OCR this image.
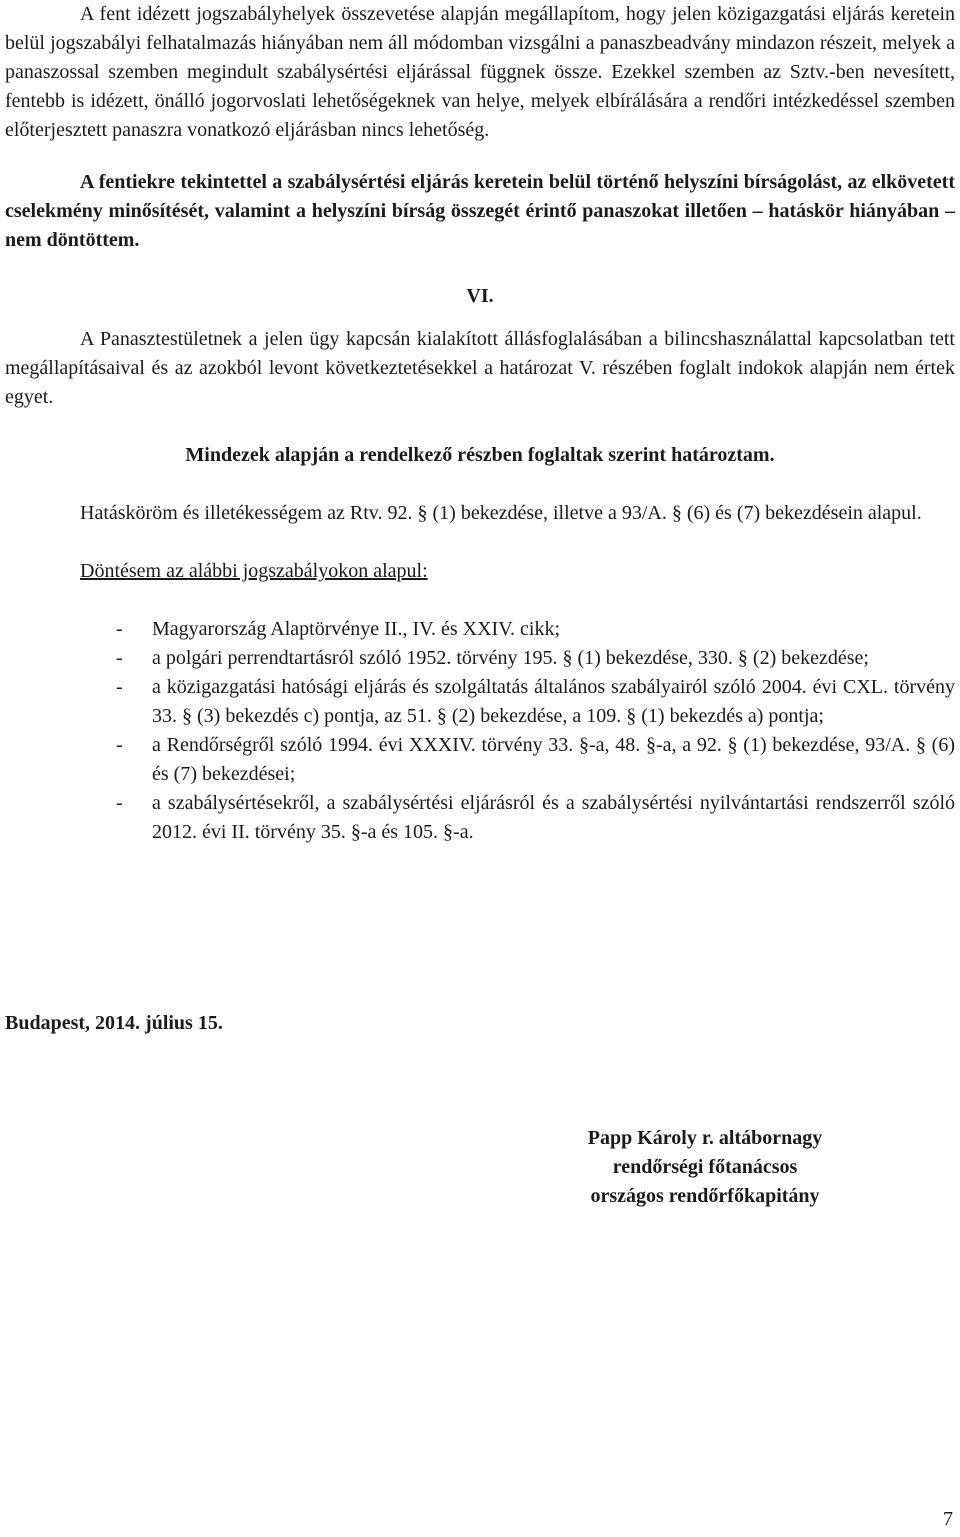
A fent idézett jogszabályhelyek összevetése alapján megállapítom, hogy jelen közigazgatási eljárás keretein belül jogszabályi felhatalmazás hiányában nem áll módomban vizsgálni a panaszbeadvány mindazon részeit, melyek a panaszossal szemben megindult szabálysértési eljárással függnek össze. Ezekkel szemben az Sztv.-ben nevesített, fentebb is idézett, önálló jogorvoslati lehetőségeknek van helye, melyek elbírálására a rendőri intézkedéssel szemben előterjesztett panaszra vonatkozó eljárásban nincs lehetőség.

A fentiekre tekintettel a szabálysértési eljárás keretein belül történő helyszíni bírságolást, az elkövetett cselekmény minősítését, valamint a helyszíni bírság összegét érintő panaszokat illetően – hatáskör hiányában – nem döntöttem.

VI.

A Panasztestületnek a jelen ügy kapcsán kialakított állásfoglalásában a bilincshasználattal kapcsolatban tett megállapításaival és az azokból levont következtetésekkel a határozat V. részében foglalt indokok alapján nem értek egyet.

Mindezek alapján a rendelkező részben foglaltak szerint határoztam.

Hatásköröm és illetékességem az Rtv. 92. § (1) bekezdése, illetve a 93/A. § (6) és (7) bekezdésein alapul.

Döntésem az alábbi jogszabályokon alapul:

- Magyarország Alaptörvénye II., IV. és XXIV. cikk;
- a polgári perrendtartásról szóló 1952. törvény 195. § (1) bekezdése, 330. § (2) bekezdése;
- a közigazgatási hatósági eljárás és szolgáltatás általános szabályairól szóló 2004. évi CXL. törvény 33. § (3) bekezdés c) pontja, az 51. § (2) bekezdése, a 109. § (1) bekezdés a) pontja;
- a Rendőrségről szóló 1994. évi XXXIV. törvény 33. §-a, 48. §-a, a 92. § (1) bekezdése, 93/A. § (6) és (7) bekezdései;
- a szabálysértésekről, a szabálysértési eljárásról és a szabálysértési nyilvántartási rendszerről szóló 2012. évi II. törvény 35. §-a és 105. §-a.

Budapest, 2014. július 15.

Papp Károly r. altábornagy
rendőrségi főtanácsos
országos rendőrfőkapitány
7
